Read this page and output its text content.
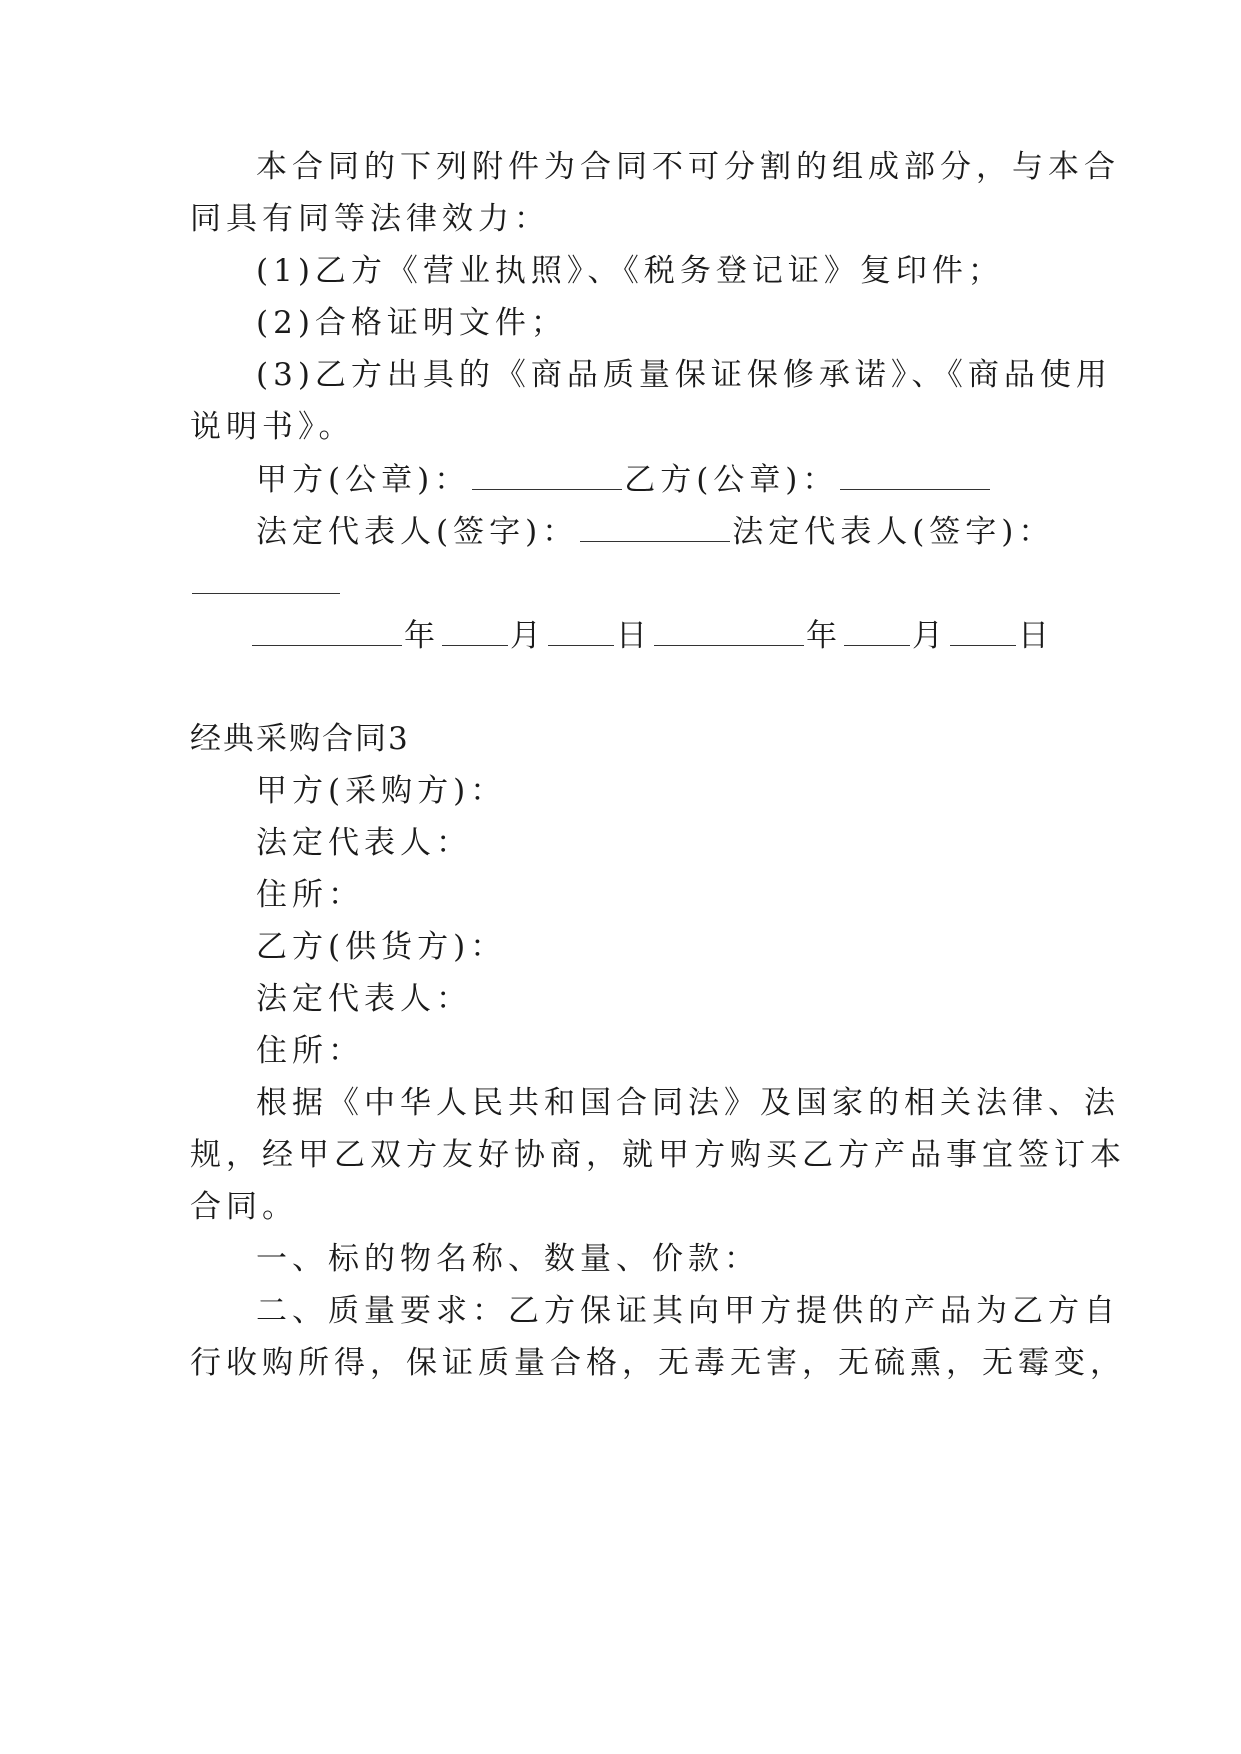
本合同的下列附件为合同不可分割的组成部分，与本合
同具有同等法律效力：
(1)乙方《营业执照》、《税务登记证》复印件；
(2)合格证明文件；
(3)乙方出具的《商品质量保证保修承诺》、《商品使用
说明书》。
甲方(公章)：	乙方(公章)：
法定代表人(签字)：	法定代表人(签字)：
年 月 日	年 月 日
经典采购合同3
甲方(采购方)：
法定代表人：
住所：
乙方(供货方)：
法定代表人：
住所：
根据《中华人民共和国合同法》及国家的相关法律、法
规，经甲乙双方友好协商，就甲方购买乙方产品事宜签订本
合同。
一、标的物名称、数量、价款：
二、质量要求：乙方保证其向甲方提供的产品为乙方自
行收购所得，保证质量合格，无毒无害，无硫熏，无霉变，
